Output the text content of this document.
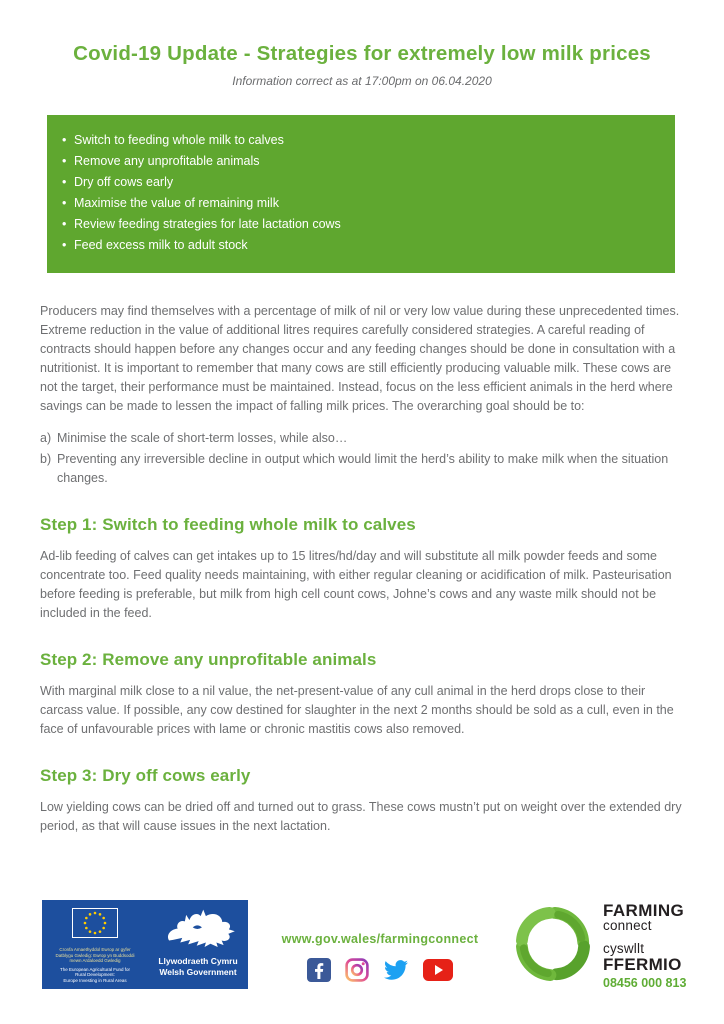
Covid-19 Update - Strategies for extremely low milk prices
Information correct as at 17:00pm on 06.04.2020
• Switch to feeding whole milk to calves
• Remove any unprofitable animals
• Dry off cows early
• Maximise the value of remaining milk
• Review feeding strategies for late lactation cows
• Feed excess milk to adult stock

Producers may find themselves with a percentage of milk of nil or very low value during these unprecedented times. Extreme reduction in the value of additional litres requires carefully considered strategies. A careful reading of contracts should happen before any changes occur and any feeding changes should be done in consultation with a nutritionist. It is important to remember that many cows are still efficiently producing valuable milk. These cows are not the target, their performance must be maintained. Instead, focus on the less efficient animals in the herd where savings can be made to lessen the impact of falling milk prices. The overarching goal should be to:

a) Minimise the scale of short-term losses, while also…
b) Preventing any irreversible decline in output which would limit the herd’s ability to make milk when the situation changes.
Step 1: Switch to feeding whole milk to calves

Ad-lib feeding of calves can get intakes up to 15 litres/hd/day and will substitute all milk powder feeds and some concentrate too. Feed quality needs maintaining, with either regular cleaning or acidification of milk. Pasteurisation before feeding is preferable, but milk from high cell count cows, Johne’s cows and any waste milk should not be included in the feed.

Step 2: Remove any unprofitable animals

With marginal milk close to a nil value, the net-present-value of any cull animal in the herd drops close to their carcass value. If possible, any cow destined for slaughter in the next 2 months should be sold as a cull, even in the face of unfavourable prices with lame or chronic mastitis cows also removed.

Step 3: Dry off cows early

Low yielding cows can be dried off and turned out to grass. These cows mustn’t put on weight over the extended dry period, as that will cause issues in the next lactation.

Cronfa Amaethyddol Ewrop ar gyfer
Datblygu Gwledig: Ewrop yn Buddsoddi
mewn Ardaloedd Gwledig
The European Agricultural Fund for
Rural Development:
Europe Investing in Rural Areas
Llywodraeth Cymru
Welsh Government
www.gov.wales/farmingconnect
FARMING
connect
cyswllt
FFERMIO
08456 000 813
